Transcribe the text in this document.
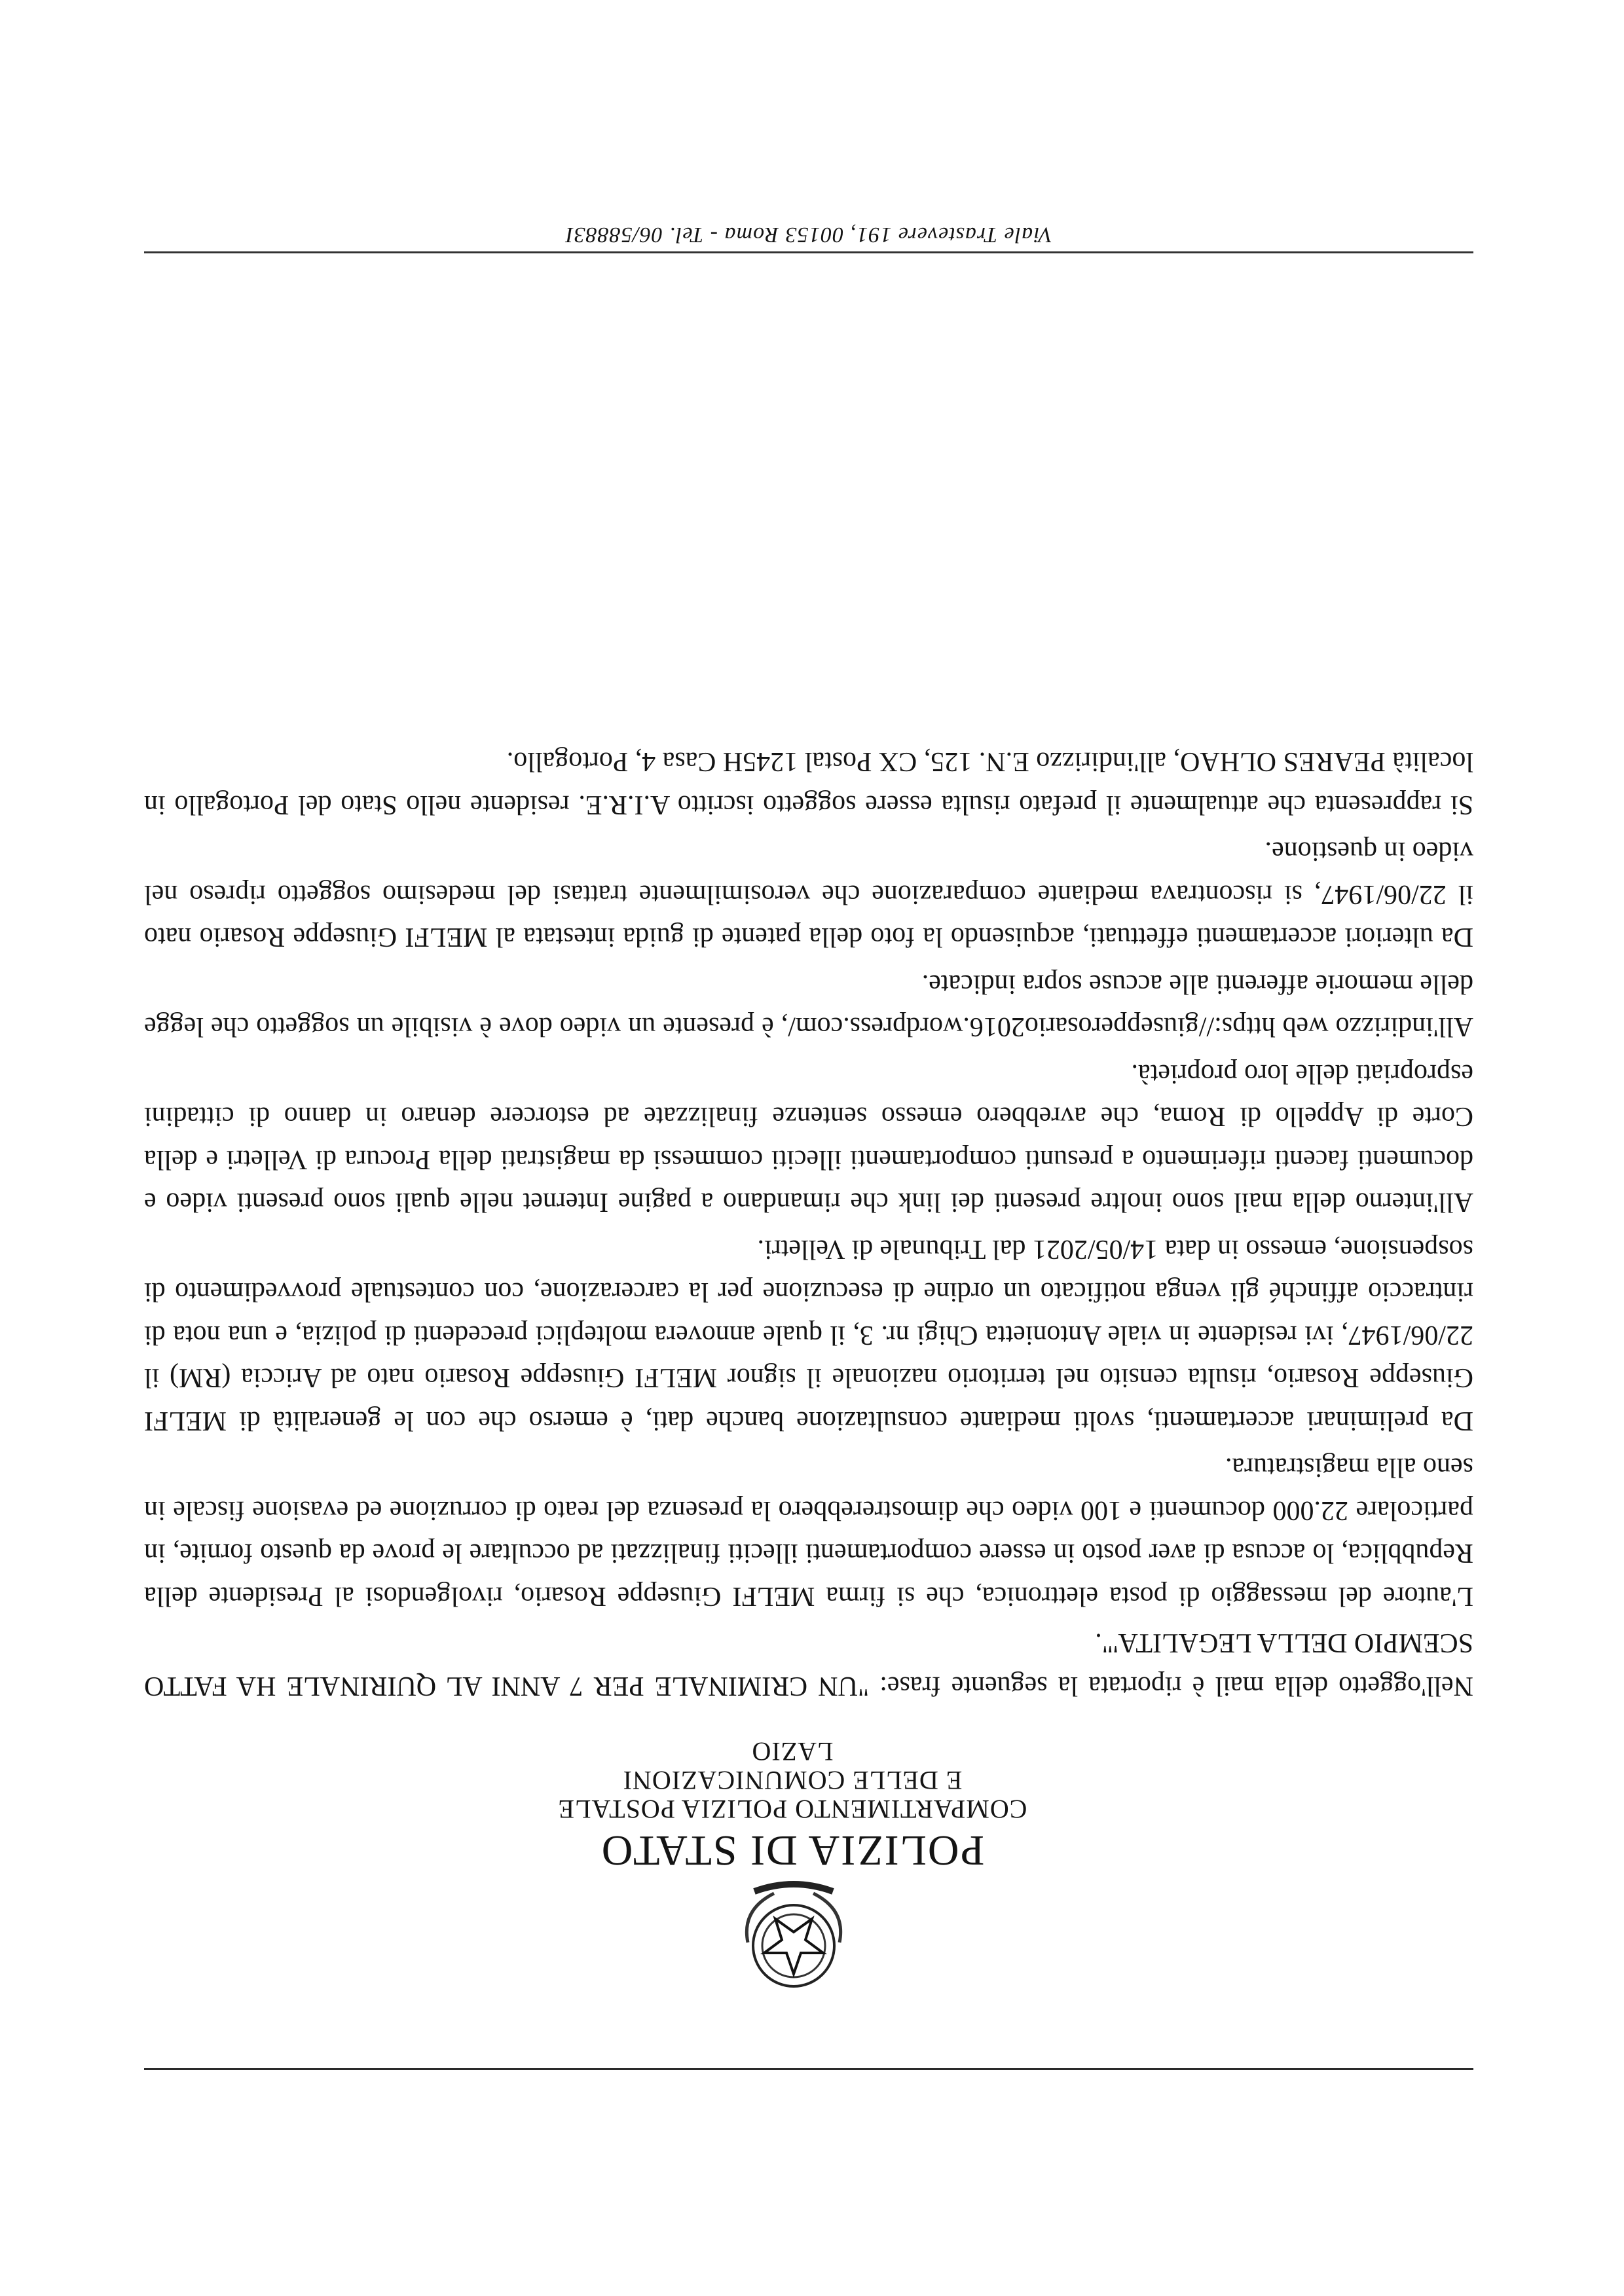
POLIZIA DI STATO
COMPARTIMENTO POLIZIA POSTALE
E DELLE COMUNICAZIONI
LAZIO

Nell'oggetto della mail è riportata la seguente frase: "UN CRIMINALE PER 7 ANNI AL QUIRINALE HA FATTO SCEMPIO DELLA LEGALITA'".

L'autore del messaggio di posta elettronica, che si firma MELFI Giuseppe Rosario, rivolgendosi al Presidente della Repubblica, lo accusa di aver posto in essere comportamenti illeciti finalizzati ad occultare le prove da questo fornite, in particolare 22.000 documenti e 100 video che dimostrerebbero la presenza del reato di corruzione ed evasione fiscale in seno alla magistratura.

Da preliminari accertamenti, svolti mediante consultazione banche dati, è emerso che con le generalità di MELFI Giuseppe Rosario, risulta censito nel territorio nazionale il signor MELFI Giuseppe Rosario nato ad Ariccia (RM) il 22/06/1947, ivi residente in viale Antonietta Chigi nr. 3, il quale annovera molteplici precedenti di polizia, e una nota di rintraccio affinché gli venga notificato un ordine di esecuzione per la carcerazione, con contestuale provvedimento di sospensione, emesso in data 14/05/2021 dal Tribunale di Velletri.

All'interno della mail sono inoltre presenti dei link che rimandano a pagine Internet nelle quali sono presenti video e documenti facenti riferimento a presunti comportamenti illeciti commessi da magistrati della Procura di Velletri e della Corte di Appello di Roma, che avrebbero emesso sentenze finalizzate ad estorcere denaro in danno di cittadini espropriati delle loro proprietà.

All'indirizzo web https://giusepperosario2016.wordpress.com/, è presente un video dove è visibile un soggetto che legge delle memorie afferenti alle accuse sopra indicate.

Da ulteriori accertamenti effettuati, acquisendo la foto della patente di guida intestata al MELFI Giuseppe Rosario nato il 22/06/1947, si riscontrava mediante comparazione che verosimilmente trattasi del medesimo soggetto ripreso nel video in questione.

Si rappresenta che attualmente il prefato risulta essere soggetto iscritto A.I.R.E. residente nello Stato del Portogallo in località PEARES OLHAO, all'indirizzo E.N. 125, CX Postal 1245H Casa 4, Portogallo.

Viale Trastevere 191, 00153 Roma - Tel. 06/58883I
